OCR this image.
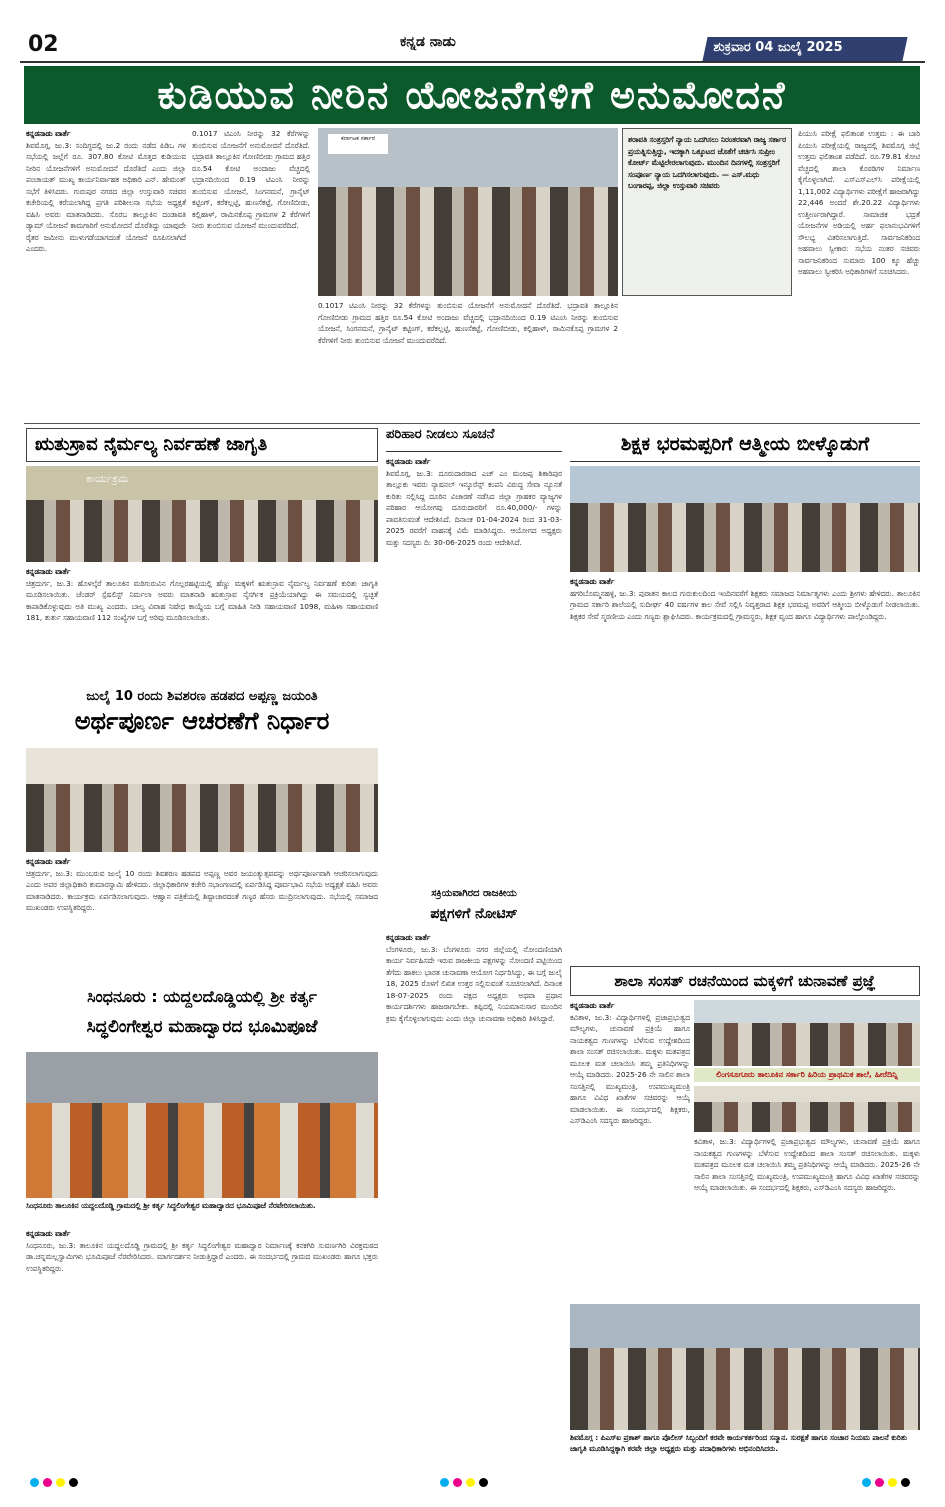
02	ಕನ್ನಡ ನಾಡು	ಶುಕ್ರವಾರ 04 ಜುಲೈ 2025
ಕುಡಿಯುವ ನೀರಿನ ಯೋಜನೆಗಳಿಗೆ ಅನುಮೋದನೆ
ಕನ್ನಡನಾಡು ವಾರ್ತೆ
ಶಿವಮೊಗ್ಗ, ಜು.3: ಸಂದಿಗ್ಧದಲ್ಲಿ ಜು.2 ರಂದು ನಡೆದ ಪಿಡಿಒ ಗಳ ಸಭೆಯಲ್ಲಿ ಜಲ್ಲೆಗೆ ರೂ. 307.80 ಕೋಟಿ ಮೊತ್ತದ ಕುಡಿಯುವ ನೀರಿನ ಯೋಜನೆಗಳಿಗೆ ಅನುಮೋದನೆ ದೊರೆತಿದೆ ಎಂದು ಜಿಲ್ಲಾ ಪಂಚಾಯತ್ ಮುಖ್ಯ ಕಾರ್ಯನಿರ್ವಾಹಕ ಅಧಿಕಾರಿ ಎನ್. ಹೇಮಂತ್ ಸಭೆಗೆ ತಿಳಿಸಿದರು. ಗುರುಪುರ ನಗರದ ಜಿಲ್ಲಾ ಉಸ್ತುವಾರಿ ಸಚಿವರ ಕಚೇರಿಯಲ್ಲಿ ಕರೆಯಲಾಗಿದ್ದ ಪ್ರಗತಿ ಪರಿಶೀಲನಾ ಸಭೆಯ ಅಧ್ಯಕ್ಷತೆ ವಹಿಸಿ ಅವರು ಮಾತನಾಡಿದರು. ಸೊರಬ ತಾಲ್ಲೂಕಿನ ದಂಡಾವತಿ ಡ್ಯಾಮ್ ಯೋಜನೆ ಕಾಮಗಾರಿಗೆ ಅನುಮೋದನೆ ದೊರೆತಿದ್ದು ಯಾವುದೇ ರೈತರ ಜಮೀನು ಮುಳುಗಡೆಯಾಗದಂತೆ ಯೋಜನೆ ರೂಪಿಸಲಾಗಿದೆ ಎಂದರು.
0.1017 ಟಿಎಂಸಿ ನೀರನ್ನು 32 ಕೆರೆಗಳನ್ನು ತುಂಬಿಸುವ ಯೋಜನೆಗೆ ಅನುಮೋದನೆ ದೊರೆತಿದೆ. ಭದ್ರಾವತಿ ತಾಲ್ಲೂಕಿನ ಗೋಣಿಬೀಡು ಗ್ರಾಮದ ಹತ್ತಿರ ರೂ.54 ಕೋಟಿ ಅಂದಾಜು ವೆಚ್ಚದಲ್ಲಿ ಭದ್ರಾನದಿಯಿಂದ 0.19 ಟಿಎಂಸಿ ನೀರನ್ನು ತುಂಬಿಸುವ ಯೋಜನೆ, ಸಿಂಗನಮನೆ, ಗ್ರಾನೈಟ್ ಕಟ್ಟಿಂಗ್, ಕರೆಕಲ್ಲಟ್ಟಿ, ಹುಣಸೆಕಟ್ಟೆ, ಗೋಣಿಬೀಡು, ಕಲ್ಲಿಹಾಳ್, ರಾಮಿನಕೊಪ್ಪ ಗ್ರಾಮಗಳ 2 ಕೆರೆಗಳಿಗೆ ನೀರು ತುಂಬಿಸುವ ಯೋಜನೆ ಮುಂದುವರೆದಿದೆ.
ಕರ್ನಾಟಕ ಸರ್ಕಾರ	ಶರಾವತಿ ಸಂತ್ರಸ್ತರಿಗೆ ನ್ಯಾಯ ಒದಗಿಸಲು ನಿರಂತರವಾಗಿ ರಾಜ್ಯ ಸರ್ಕಾರ ಪ್ರಯತ್ನಿಸುತ್ತಿದ್ದು, ಇದಕ್ಕಾಗಿ ಒಕ್ಕೂಟದ ಜೊತೆಗೆ ಚರ್ಚಿಸಿ ಸುಪ್ರೀಂ ಕೋರ್ಟ್ ಮೆಟ್ಟಿಲೇರಲಾಗುವುದು. ಮುಂದಿನ ದಿನಗಳಲ್ಲಿ ಸಂತ್ರಸ್ತರಿಗೆ ಸಂಪೂರ್ಣ ನ್ಯಾಯ ಒದಗಿಸಲಾಗುವುದು. — ಎಸ್.ಮಧು ಬಂಗಾರಪ್ಪ, ಜಿಲ್ಲಾ ಉಸ್ತುವಾರಿ ಸಚಿವರು
0.1017 ಟಿಎಂಸಿ ನೀರನ್ನು 32 ಕೆರೆಗಳನ್ನು ತುಂಬಿಸುವ ಯೋಜನೆಗೆ ಅನುಮೋದನೆ ದೊರೆತಿದೆ. ಭದ್ರಾವತಿ ತಾಲ್ಲೂಕಿನ ಗೋಣಿಬೀಡು ಗ್ರಾಮದ ಹತ್ತಿರ ರೂ.54 ಕೋಟಿ ಅಂದಾಜು ವೆಚ್ಚದಲ್ಲಿ ಭದ್ರಾನದಿಯಿಂದ 0.19 ಟಿಎಂಸಿ ನೀರನ್ನು ತುಂಬಿಸುವ ಯೋಜನೆ, ಸಿಂಗನಮನೆ, ಗ್ರಾನೈಟ್ ಕಟ್ಟಿಂಗ್, ಕರೆಕಲ್ಲಟ್ಟಿ, ಹುಣಸೆಕಟ್ಟೆ, ಗೋಣಿಬೀಡು, ಕಲ್ಲಿಹಾಳ್, ರಾಮಿನಕೊಪ್ಪ ಗ್ರಾಮಗಳ 2 ಕೆರೆಗಳಿಗೆ ನೀರು ತುಂಬಿಸುವ ಯೋಜನೆ ಮುಂದುವರೆದಿದೆ.
ಪಿಯುಸಿ ಪರೀಕ್ಷೆ ಫಲಿತಾಂಶ ಉತ್ತಮ : ಈ ಬಾರಿ ಪಿಯುಸಿ ಪರೀಕ್ಷೆಯಲ್ಲಿ ರಾಜ್ಯದಲ್ಲಿ ಶಿವಮೊಗ್ಗ ಜಿಲ್ಲೆ ಉತ್ತಮ ಫಲಿತಾಂಶ ಪಡೆದಿದೆ. ರೂ.79.81 ಕೋಟಿ ವೆಚ್ಚದಲ್ಲಿ ಶಾಲಾ ಕೊಠಡಿಗಳ ನಿರ್ಮಾಣ ಕೈಗೊಳ್ಳಲಾಗಿದೆ. ಎಸ್ಎಸ್ಎಲ್‌ಸಿ ಪರೀಕ್ಷೆಯಲ್ಲಿ 1,11,002 ವಿದ್ಯಾರ್ಥಿಗಳು ಪರೀಕ್ಷೆಗೆ ಹಾಜರಾಗಿದ್ದು 22,446 ಅಂದರೆ ಶೇ.20.22 ವಿದ್ಯಾರ್ಥಿಗಳು ಉತ್ತೀರ್ಣರಾಗಿದ್ದಾರೆ. ಸಾಮಾಜಿಕ ಭದ್ರತೆ ಯೋಜನೆಗಳ ಅಡಿಯಲ್ಲಿ ಅರ್ಹ ಫಲಾನುಭವಿಗಳಿಗೆ ಸೌಲಭ್ಯ ವಿತರಿಸಲಾಗುತ್ತಿದೆ. ಸಾರ್ವಜನಿಕರಿಂದ ಅಹವಾಲು ಸ್ವೀಕಾರ: ಸಭೆಯ ನಂತರ ಸಚಿವರು ಸಾರ್ವಜನಿಕರಿಂದ ಸುಮಾರು 100 ಕ್ಕೂ ಹೆಚ್ಚು ಅಹವಾಲು ಸ್ವೀಕರಿಸಿ ಅಧಿಕಾರಿಗಳಿಗೆ ಸೂಚಿಸಿದರು.
ಋತುಸ್ರಾವ ನೈರ್ಮಲ್ಯ ನಿರ್ವಹಣೆ ಜಾಗೃತಿ
ಕಾರ್ಯಕ್ರಮ
ಕನ್ನಡನಾಡು ವಾರ್ತೆ
ಚಿತ್ರದುರ್ಗ, ಜು.3: ಹೊಳಲ್ಕೆರೆ ತಾಲೂಕಿನ ಮರಿಗುರುವಿನ ಗೊಲ್ಲರಹಟ್ಟಿಯಲ್ಲಿ ಹೆಣ್ಣು ಮಕ್ಕಳಿಗೆ ಋತುಸ್ರಾವ ನೈರ್ಮಲ್ಯ ನಿರ್ವಹಣೆ ಕುರಿತು ಜಾಗೃತಿ ಮೂಡಿಸಲಾಯಿತು. ಜೆಂಡರ್ ಸ್ಪೆಷಲಿಸ್ಟ್ ನಿರ್ಮಲಾ ಅವರು ಮಾತನಾಡಿ ಋತುಸ್ರಾವ ನೈಸರ್ಗಿಕ ಪ್ರಕ್ರಿಯೆಯಾಗಿದ್ದು ಈ ಸಮಯದಲ್ಲಿ ಸ್ವಚ್ಛತೆ ಕಾಪಾಡಿಕೊಳ್ಳುವುದು ಅತಿ ಮುಖ್ಯ ಎಂದರು. ಬಾಲ್ಯ ವಿವಾಹ ನಿಷೇಧ ಕಾಯ್ದೆಯ ಬಗ್ಗೆ ಮಾಹಿತಿ ನೀಡಿ ಸಹಾಯವಾಣಿ 1098, ಮಹಿಳಾ ಸಹಾಯವಾಣಿ 181, ತುರ್ತು ಸಹಾಯವಾಣಿ 112 ಸಂಖ್ಯೆಗಳ ಬಗ್ಗೆ ಅರಿವು ಮೂಡಿಸಲಾಯಿತು.
ಜುಲೈ 10 ರಂದು ಶಿವಶರಣ ಹಡಪದ ಅಪ್ಪಣ್ಣ ಜಯಂತಿ
ಅರ್ಥಪೂರ್ಣ ಆಚರಣೆಗೆ ನಿರ್ಧಾರ
ಕನ್ನಡನಾಡು ವಾರ್ತೆ
ಚಿತ್ರದುರ್ಗ, ಜು.3: ಮುಂಬರುವ ಜುಲೈ 10 ರಂದು ಶಿವಶರಣ ಹಡಪದ ಅಪ್ಪಣ್ಣ ಅವರ ಜಯಂತ್ಯುತ್ಸವವನ್ನು ಅರ್ಥಪೂರ್ಣವಾಗಿ ಆಚರಿಸಲಾಗುವುದು ಎಂದು ಅಪರ ಜಿಲ್ಲಾಧಿಕಾರಿ ಕುಮಾರಸ್ವಾಮಿ ಹೇಳಿದರು. ಜಿಲ್ಲಾಧಿಕಾರಿಗಳ ಕಚೇರಿ ಸಭಾಂಗಣದಲ್ಲಿ ಏರ್ಪಡಿಸಿದ್ದ ಪೂರ್ವಭಾವಿ ಸಭೆಯ ಅಧ್ಯಕ್ಷತೆ ವಹಿಸಿ ಅವರು ಮಾತನಾಡಿದರು. ಕಾರ್ಯಕ್ರಮ ಏರ್ಪಡಿಸಲಾಗುವುದು. ಆಹ್ವಾನ ಪತ್ರಿಕೆಯಲ್ಲಿ ಶಿಷ್ಟಾಚಾರದಂತೆ ಗಣ್ಯರ ಹೆಸರು ಮುದ್ರಿಸಲಾಗುವುದು. ಸಭೆಯಲ್ಲಿ ಸಮಾಜದ ಮುಖಂಡರು ಉಪಸ್ಥಿತರಿದ್ದರು.
ಸಿಂಧನೂರು : ಯದ್ದಲದೊಡ್ಡಿಯಲ್ಲಿ ಶ್ರೀ ಕರ್ತೃ
ಸಿದ್ಧಲಿಂಗೇಶ್ವರ ಮಹಾದ್ವಾರದ ಭೂಮಿಪೂಜೆ
ಸಿಂಧನೂರು ತಾಲೂಕಿನ ಯದ್ದಲದೊಡ್ಡಿ ಗ್ರಾಮದಲ್ಲಿ ಶ್ರೀ ಕರ್ತೃ ಸಿದ್ಧಲಿಂಗೇಶ್ವರ ಮಹಾದ್ವಾರದ ಭೂಮಿಪೂಜೆ ನೆರವೇರಿಸಲಾಯಿತು.
ಕನ್ನಡನಾಡು ವಾರ್ತೆ
ಸಿಂಧನೂರು, ಜು.3: ತಾಲೂಕಿನ ಯದ್ದಲದೊಡ್ಡಿ ಗ್ರಾಮದಲ್ಲಿ ಶ್ರೀ ಕರ್ತೃ ಸಿದ್ಧಲಿಂಗೇಶ್ವರ ಮಹಾದ್ವಾರ ನಿರ್ಮಾಣಕ್ಕೆ ಕನಕಗಿರಿ ಸುವರ್ಣಗಿರಿ ವಿರಕ್ತಮಠದ ಡಾ.ಚನ್ನಮಲ್ಲಸ್ವಾಮಿಗಳು ಭೂಮಿಪೂಜೆ ನೆರವೇರಿಸಿದರು. ಮಾರ್ಗದರ್ಶನ ನೀಡುತ್ತಿದ್ದಾರೆ ಎಂದರು. ಈ ಸಂದರ್ಭದಲ್ಲಿ ಗ್ರಾಮದ ಮುಖಂಡರು ಹಾಗೂ ಭಕ್ತರು ಉಪಸ್ಥಿತರಿದ್ದರು.
ಪರಿಹಾರ ನೀಡಲು ಸೂಚನೆ
ಕನ್ನಡನಾಡು ವಾರ್ತೆ
ಶಿವಮೊಗ್ಗ, ಜು.3: ದೂರುದಾರರಾದ ಎಚ್ ಎಂ ಮಂಜಪ್ಪ ಶಿಕಾರಿಪುರ ತಾಲ್ಲೂಕು ಇವರು ನ್ಯಾಷನಲ್ ಇನ್ಶೂರೆನ್ಸ್ ಕಂಪನಿ ವಿರುದ್ಧ ಸೇವಾ ನ್ಯೂನತೆ ಕುರಿತು ಸಲ್ಲಿಸಿದ್ದ ದೂರಿನ ವಿಚಾರಣೆ ನಡೆಸಿದ ಜಿಲ್ಲಾ ಗ್ರಾಹಕರ ವ್ಯಾಜ್ಯಗಳ ಪರಿಹಾರ ಆಯೋಗವು ದೂರುದಾರರಿಗೆ ರೂ.40,000/- ಗಳನ್ನು ಪಾವತಿಸುವಂತೆ ಆದೇಶಿಸಿದೆ. ದಿನಾಂಕ 01-04-2024 ರಿಂದ 31-03-2025 ರವರೆಗೆ ವಾಹನಕ್ಕೆ ವಿಮೆ ಮಾಡಿಸಿದ್ದರು. ಆಯೋಗದ ಅಧ್ಯಕ್ಷರು ಮತ್ತು ಸದಸ್ಯರು ದಿ: 30-06-2025 ರಂದು ಆದೇಶಿಸಿದೆ.
ಸಕ್ರಿಯವಾಗಿರದ ರಾಜಕೀಯ
ಪಕ್ಷಗಳಿಗೆ ನೋಟಿಸ್
ಕನ್ನಡನಾಡು ವಾರ್ತೆ
ಬೆಂಗಳೂರು, ಜು.3: ಬೆಂಗಳೂರು ನಗರ ಜಿಲ್ಲೆಯಲ್ಲಿ ನೋಂದಣಿಯಾಗಿ ಕಾರ್ಯ ನಿರ್ವಹಿಸದೇ ಇರುವ ರಾಜಕೀಯ ಪಕ್ಷಗಳನ್ನು ನೋಂದಣಿ ಪಟ್ಟಿಯಿಂದ ತೆಗೆದು ಹಾಕಲು ಭಾರತ ಚುನಾವಣಾ ಆಯೋಗ ನಿರ್ಧರಿಸಿದ್ದು, ಈ ಬಗ್ಗೆ ಜುಲೈ 18, 2025 ರೊಳಗೆ ಲಿಖಿತ ಉತ್ತರ ಸಲ್ಲಿಸುವಂತೆ ಸೂಚಿಸಲಾಗಿದೆ. ದಿನಾಂಕ 18-07-2025 ರಂದು ಪಕ್ಷದ ಅಧ್ಯಕ್ಷರು ಅಥವಾ ಪ್ರಧಾನ ಕಾರ್ಯದರ್ಶಿಗಳು ಹಾಜರಾಗಬೇಕು. ತಪ್ಪಿದಲ್ಲಿ ನಿಯಮಾನುಸಾರ ಮುಂದಿನ ಕ್ರಮ ಕೈಗೊಳ್ಳಲಾಗುವುದು ಎಂದು ಜಿಲ್ಲಾ ಚುನಾವಣಾ ಅಧಿಕಾರಿ ತಿಳಿಸಿದ್ದಾರೆ.
ಶಿಕ್ಷಕ ಭರಮಪ್ಪರಿಗೆ ಆತ್ಮೀಯ ಬೀಳ್ಕೊಡುಗೆ
ಕನ್ನಡನಾಡು ವಾರ್ತೆ
ಹಗರಿಬೊಮ್ಮನಹಳ್ಳಿ, ಜು.3: ಪುರಾತನ ಕಾಲದ ಗುರುಕುಲದಿಂದ ಇಂದಿನವರೆಗೆ ಶಿಕ್ಷಕರು ಸಮಾಜದ ನಿರ್ಮಾತೃಗಳು ಎಂದು ಶ್ರೀಗಳು ಹೇಳಿದರು. ತಾಲೂಕಿನ ಗ್ರಾಮದ ಸರ್ಕಾರಿ ಶಾಲೆಯಲ್ಲಿ ಸುದೀರ್ಘ 40 ವರ್ಷಗಳ ಕಾಲ ಸೇವೆ ಸಲ್ಲಿಸಿ ನಿವೃತ್ತರಾದ ಶಿಕ್ಷಕ ಭರಮಪ್ಪ ಅವರಿಗೆ ಆತ್ಮೀಯ ಬೀಳ್ಕೊಡುಗೆ ನೀಡಲಾಯಿತು. ಶಿಕ್ಷಕರ ಸೇವೆ ಸ್ಮರಣೀಯ ಎಂದು ಗಣ್ಯರು ಶ್ಲಾಘಿಸಿದರು. ಕಾರ್ಯಕ್ರಮದಲ್ಲಿ ಗ್ರಾಮಸ್ಥರು, ಶಿಕ್ಷಕ ವೃಂದ ಹಾಗೂ ವಿದ್ಯಾರ್ಥಿಗಳು ಪಾಲ್ಗೊಂಡಿದ್ದರು.
ಶಾಲಾ ಸಂಸತ್ ರಚನೆಯಿಂದ ಮಕ್ಕಳಿಗೆ ಚುನಾವಣೆ ಪ್ರಜ್ಞೆ
ಕನ್ನಡನಾಡು ವಾರ್ತೆ
ಕವಿತಾಳ, ಜು.3: ವಿದ್ಯಾರ್ಥಿಗಳಲ್ಲಿ ಪ್ರಜಾಪ್ರಭುತ್ವದ ಮೌಲ್ಯಗಳು, ಚುನಾವಣೆ ಪ್ರಕ್ರಿಯೆ ಹಾಗೂ ನಾಯಕತ್ವದ ಗುಣಗಳನ್ನು ಬೆಳೆಸುವ ಉದ್ದೇಶದಿಂದ ಶಾಲಾ ಸಂಸತ್ ರಚಿಸಲಾಯಿತು. ಮಕ್ಕಳು ಮತಪತ್ರದ ಮೂಲಕ ಮತ ಚಲಾಯಿಸಿ ತಮ್ಮ ಪ್ರತಿನಿಧಿಗಳನ್ನು ಆಯ್ಕೆ ಮಾಡಿದರು. 2025-26 ನೇ ಸಾಲಿನ ಶಾಲಾ ಸಂಸತ್ತಿನಲ್ಲಿ ಮುಖ್ಯಮಂತ್ರಿ, ಉಪಮುಖ್ಯಮಂತ್ರಿ ಹಾಗೂ ವಿವಿಧ ಖಾತೆಗಳ ಸಚಿವರನ್ನು ಆಯ್ಕೆ ಮಾಡಲಾಯಿತು. ಈ ಸಂದರ್ಭದಲ್ಲಿ ಶಿಕ್ಷಕರು, ಎಸ್‌ಡಿಎಂಸಿ ಸದಸ್ಯರು ಹಾಜರಿದ್ದರು.
ಲಿಂಗಸೂಗೂರು ತಾಲೂಕಿನ ಸರ್ಕಾರಿ ಹಿರಿಯ ಪ್ರಾಥಮಿಕ ಶಾಲೆ, ಹೀರೆದಿನ್ನಿ
ಕವಿತಾಳ, ಜು.3: ವಿದ್ಯಾರ್ಥಿಗಳಲ್ಲಿ ಪ್ರಜಾಪ್ರಭುತ್ವದ ಮೌಲ್ಯಗಳು, ಚುನಾವಣೆ ಪ್ರಕ್ರಿಯೆ ಹಾಗೂ ನಾಯಕತ್ವದ ಗುಣಗಳನ್ನು ಬೆಳೆಸುವ ಉದ್ದೇಶದಿಂದ ಶಾಲಾ ಸಂಸತ್ ರಚಿಸಲಾಯಿತು. ಮಕ್ಕಳು ಮತಪತ್ರದ ಮೂಲಕ ಮತ ಚಲಾಯಿಸಿ ತಮ್ಮ ಪ್ರತಿನಿಧಿಗಳನ್ನು ಆಯ್ಕೆ ಮಾಡಿದರು. 2025-26 ನೇ ಸಾಲಿನ ಶಾಲಾ ಸಂಸತ್ತಿನಲ್ಲಿ ಮುಖ್ಯಮಂತ್ರಿ, ಉಪಮುಖ್ಯಮಂತ್ರಿ ಹಾಗೂ ವಿವಿಧ ಖಾತೆಗಳ ಸಚಿವರನ್ನು ಆಯ್ಕೆ ಮಾಡಲಾಯಿತು. ಈ ಸಂದರ್ಭದಲ್ಲಿ ಶಿಕ್ಷಕರು, ಎಸ್‌ಡಿಎಂಸಿ ಸದಸ್ಯರು ಹಾಜರಿದ್ದರು.
ಶಿವಮೊಗ್ಗ : ಪಿಎಸ್‌ಐ ಪ್ರಕಾಶ್ ಹಾಗೂ ಪೊಲೀಸ್ ಸಿಬ್ಬಂದಿಗೆ ಕರವೇ ಕಾರ್ಯಕರ್ತರಿಂದ ಸನ್ಮಾನ. ಸುರಕ್ಷತೆ ಹಾಗೂ ಸಂಚಾರ ನಿಯಮ ಪಾಲನೆ ಕುರಿತು ಜಾಗೃತಿ ಮೂಡಿಸಿದ್ದಕ್ಕಾಗಿ ಕರವೇ ಜಿಲ್ಲಾ ಅಧ್ಯಕ್ಷರು ಮತ್ತು ಪದಾಧಿಕಾರಿಗಳು ಅಭಿನಂದಿಸಿದರು.
